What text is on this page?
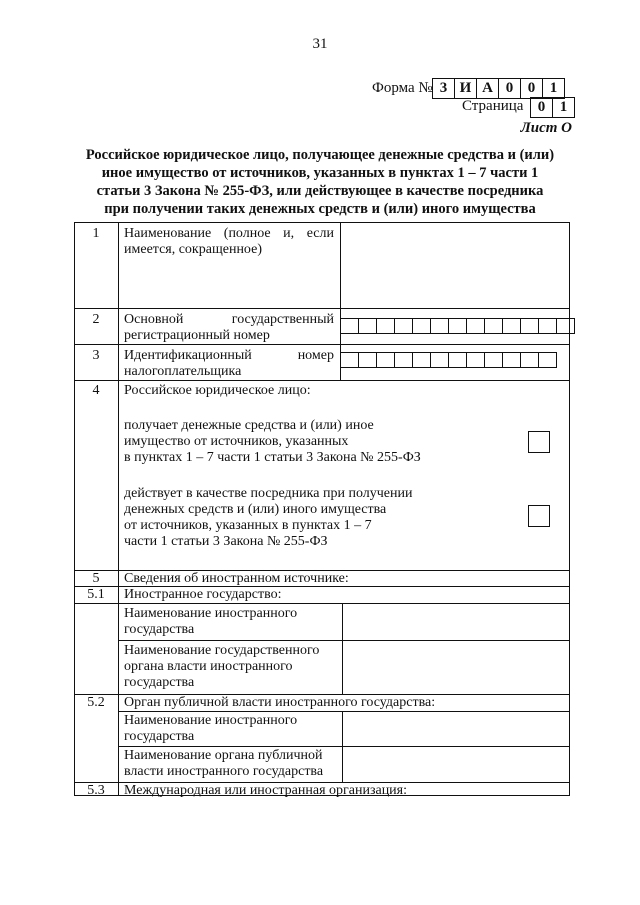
31
Форма № 3 И А 0 0 1
Страница 0 1
Лист О
Российское юридическое лицо, получающее денежные средства и (или)
иное имущество от источников, указанных в пунктах 1 – 7 части 1
статьи 3 Закона № 255-ФЗ, или действующее в качестве посредника
при получении таких денежных средств и (или) иного имущества
1	Наименование (полное и, если
имеется, сокращенное)
2	Основной государственный
регистрационный номер
3	Идентификационный номер
налогоплательщика
4	Российское юридическое лицо:
получает денежные средства и (или) иное
имущество от источников, указанных
в пунктах 1 – 7 части 1 статьи 3 Закона № 255-ФЗ
действует в качестве посредника при получении
денежных средств и (или) иного имущества
от источников, указанных в пунктах 1 – 7
части 1 статьи 3 Закона № 255-ФЗ
5	Сведения об иностранном источнике:
5.1	Иностранное государство:
Наименование иностранного
государства
Наименование государственного
органа власти иностранного
государства
5.2	Орган публичной власти иностранного государства:
Наименование иностранного
государства
Наименование органа публичной
власти иностранного государства
5.3	Международная или иностранная организация:
